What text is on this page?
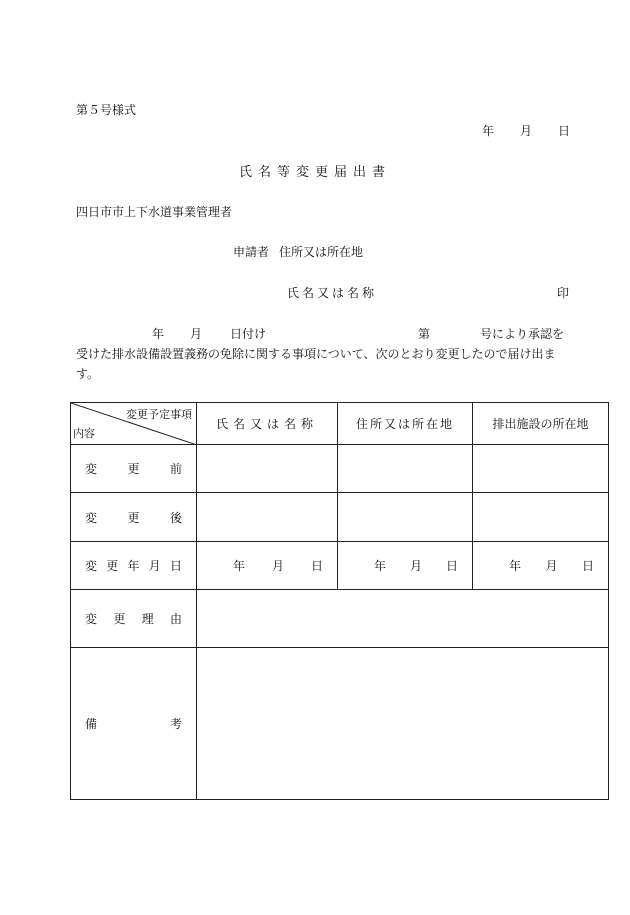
第５号様式
年 月 日
氏名等変更届出書
四日市市上下水道事業管理者
申請者 住所又は所在地
氏名又は名称	印
年 月 日付け	第	号により承認を
受けた排水設備設置義務の免除に関する事項について、次のとおり変更したので届け出ます。
変更予定事項
内容	氏名又は名称	住所又は所在地	排出施設の所在地

変 更 前			

変 更 後			

変 更 年 月 日	年 月 日	年 月 日	年 月 日

変 更 理 由			

備 考			
